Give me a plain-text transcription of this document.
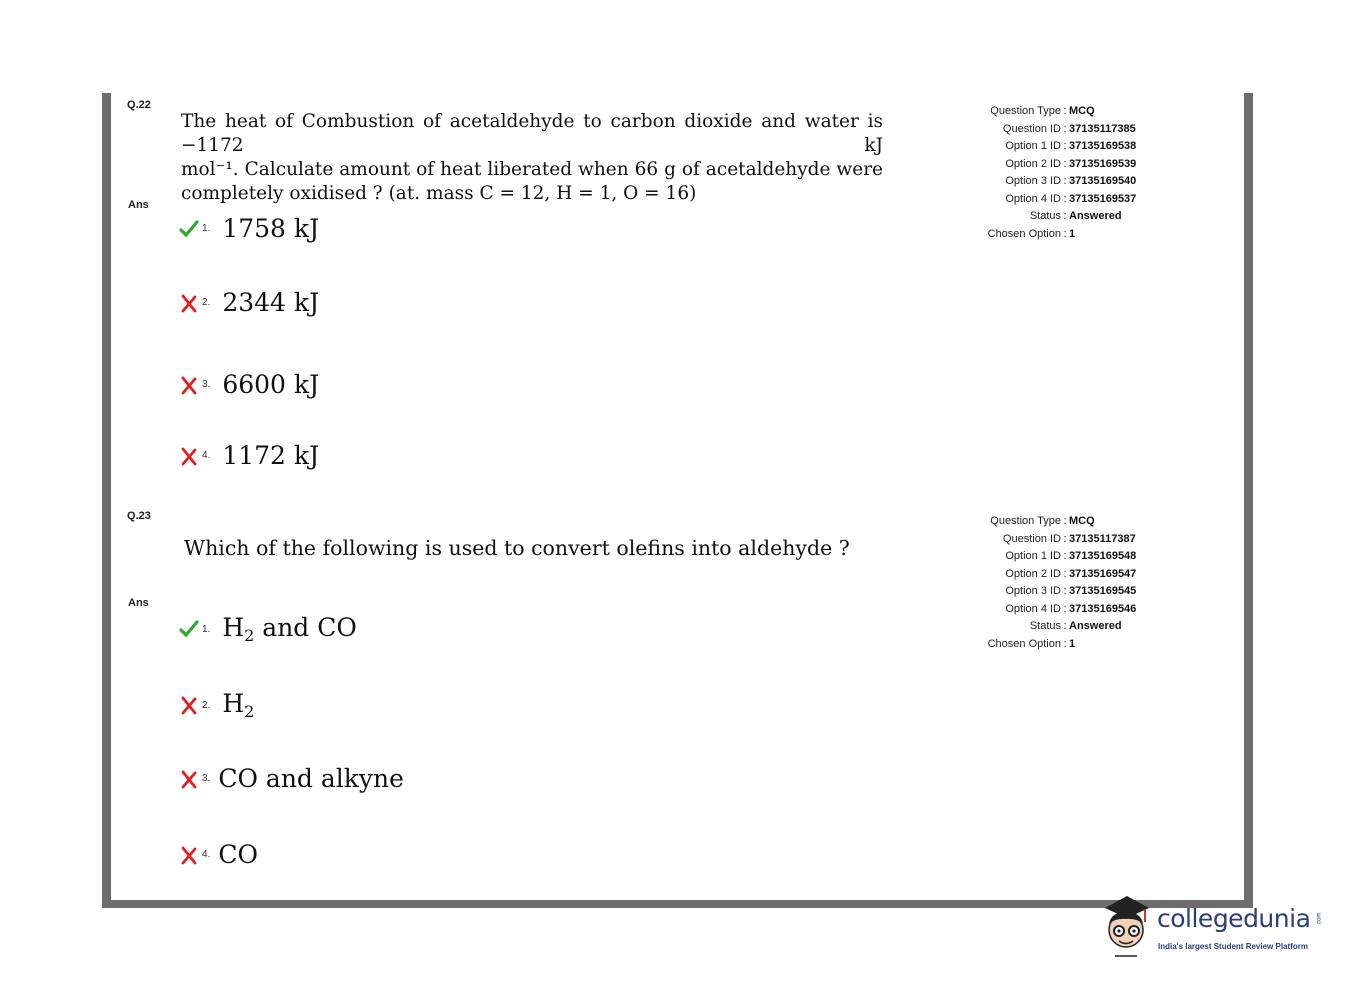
Q.22
The heat of Combustion of acetaldehyde to carbon dioxide and water is −1172 kJ
mol⁻¹. Calculate amount of heat liberated when 66 g of acetaldehyde were
completely oxidised ? (at. mass C = 12, H = 1, O = 16)
Ans
1. 1758 kJ
2. 2344 kJ
3. 6600 kJ
4. 1172 kJ
Question Type : MCQ
Question ID : 37135117385
Option 1 ID : 37135169538
Option 2 ID : 37135169539
Option 3 ID : 37135169540
Option 4 ID : 37135169537
Status : Answered
Chosen Option : 1
Q.23
Which of the following is used to convert olefins into aldehyde ?
Ans
1. $H_2$ and CO
2. $H_2$
3. CO and alkyne
4. CO
Question Type : MCQ
Question ID : 37135117387
Option 1 ID : 37135169548
Option 2 ID : 37135169547
Option 3 ID : 37135169545
Option 4 ID : 37135169546
Status : Answered
Chosen Option : 1
collegedunia .com
India's largest Student Review Platform
